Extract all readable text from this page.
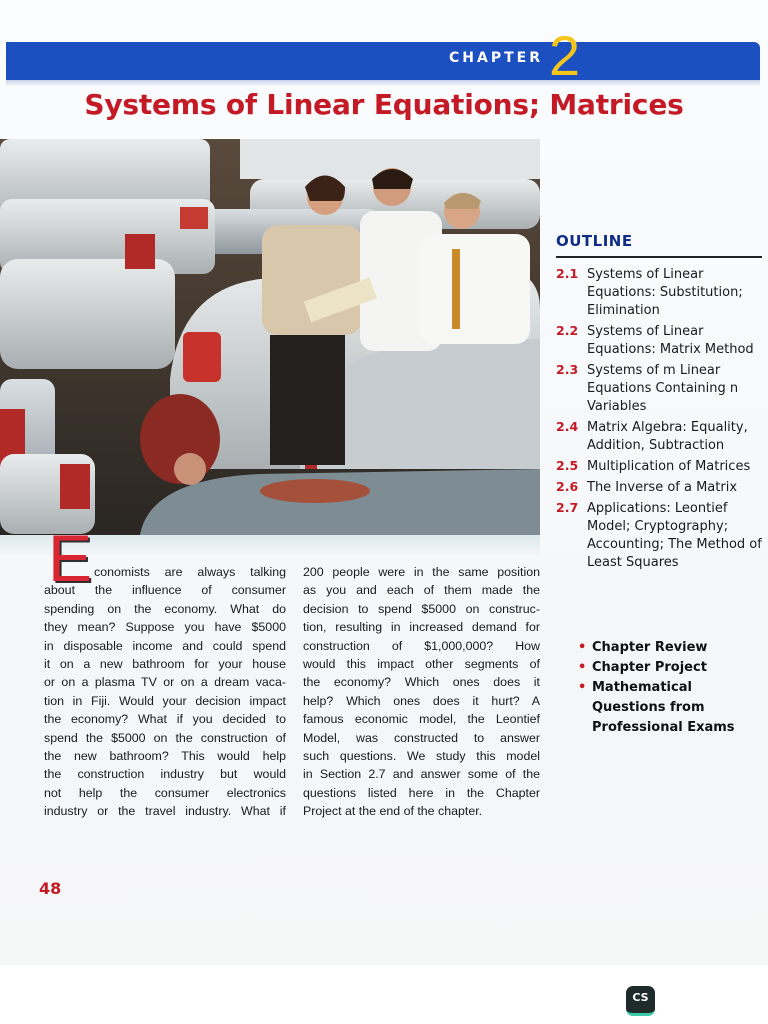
CHAPTER 2
Systems of Linear Equations; Matrices
E conomists are always talking
about the influence of consumer
spending on the economy. What do
they mean? Suppose you have $5000
in disposable income and could spend
it on a new bathroom for your house
or on a plasma TV or on a dream vaca-
tion in Fiji. Would your decision impact
the economy? What if you decided to
spend the $5000 on the construction of
the new bathroom? This would help
the construction industry but would
not help the consumer electronics
industry or the travel industry. What if
200 people were in the same position
as you and each of them made the
decision to spend $5000 on construc-
tion, resulting in increased demand for
construction of $1,000,000? How
would this impact other segments of
the economy? Which ones does it
help? Which ones does it hurt? A
famous economic model, the Leontief
Model, was constructed to answer
such questions. We study this model
in Section 2.7 and answer some of the
questions listed here in the Chapter
Project at the end of the chapter.
OUTLINE
2.1 Systems of Linear Equations: Substitution; Elimination
2.2 Systems of Linear Equations: Matrix Method
2.3 Systems of m Linear Equations Containing n Variables
2.4 Matrix Algebra: Equality, Addition, Subtraction
2.5 Multiplication of Matrices
2.6 The Inverse of a Matrix
2.7 Applications: Leontief Model; Cryptography; Accounting; The Method of Least Squares
• Chapter Review
• Chapter Project
• Mathematical Questions from Professional Exams
48
CS
